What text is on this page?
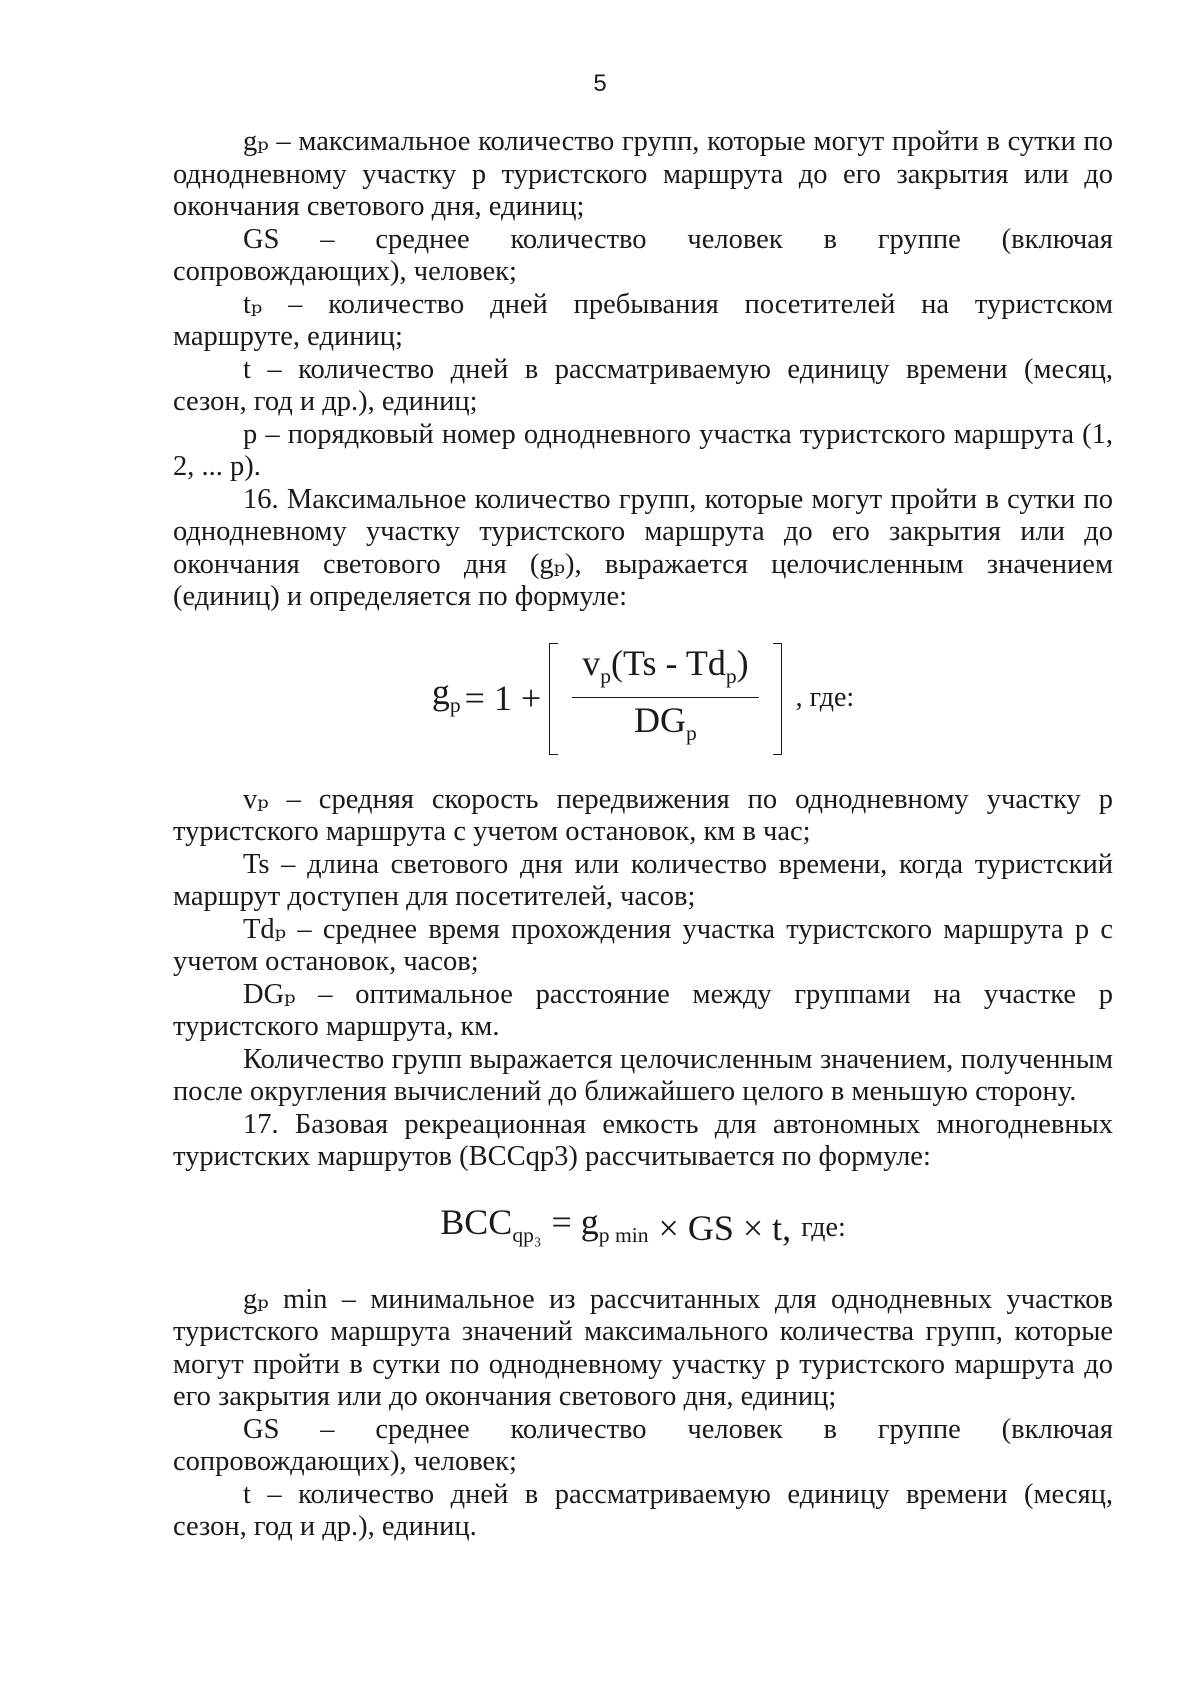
5

gₚ – максимальное количество групп, которые могут пройти в сутки по однодневному участку p туристского маршрута до его закрытия или до окончания светового дня, единиц;

GS – среднее количество человек в группе (включая сопровождающих), человек;

tₚ – количество дней пребывания посетителей на туристском маршруте, единиц;

t – количество дней в рассматриваемую единицу времени (месяц, сезон, год и др.), единиц;

p – порядковый номер однодневного участка туристского маршрута (1, 2, ... p).

16. Максимальное количество групп, которые могут пройти в сутки по однодневному участку туристского маршрута до его закрытия или до окончания светового дня (gₚ), выражается целочисленным значением (единиц) и определяется по формуле:

$g_p = 1 + \frac{v_p(Ts - Td_p)}{DG_p}$ , где:

vₚ – средняя скорость передвижения по однодневному участку p туристского маршрута с учетом остановок, км в час;

Ts – длина светового дня или количество времени, когда туристский маршрут доступен для посетителей, часов;

Tdₚ – среднее время прохождения участка туристского маршрута p с учетом остановок, часов;

DGₚ – оптимальное расстояние между группами на участке p туристского маршрута, км.

Количество групп выражается целочисленным значением, полученным после округления вычислений до ближайшего целого в меньшую сторону.

17. Базовая рекреационная емкость для автономных многодневных туристских маршрутов (BCCqp3) рассчитывается по формуле:

$BCC_{qp_3} = g_{p min}$ × GS × t, где:

gₚ min – минимальное из рассчитанных для однодневных участков туристского маршрута значений максимального количества групп, которые могут пройти в сутки по однодневному участку p туристского маршрута до его закрытия или до окончания светового дня, единиц;

GS – среднее количество человек в группе (включая сопровождающих), человек;

t – количество дней в рассматриваемую единицу времени (месяц, сезон, год и др.), единиц.
